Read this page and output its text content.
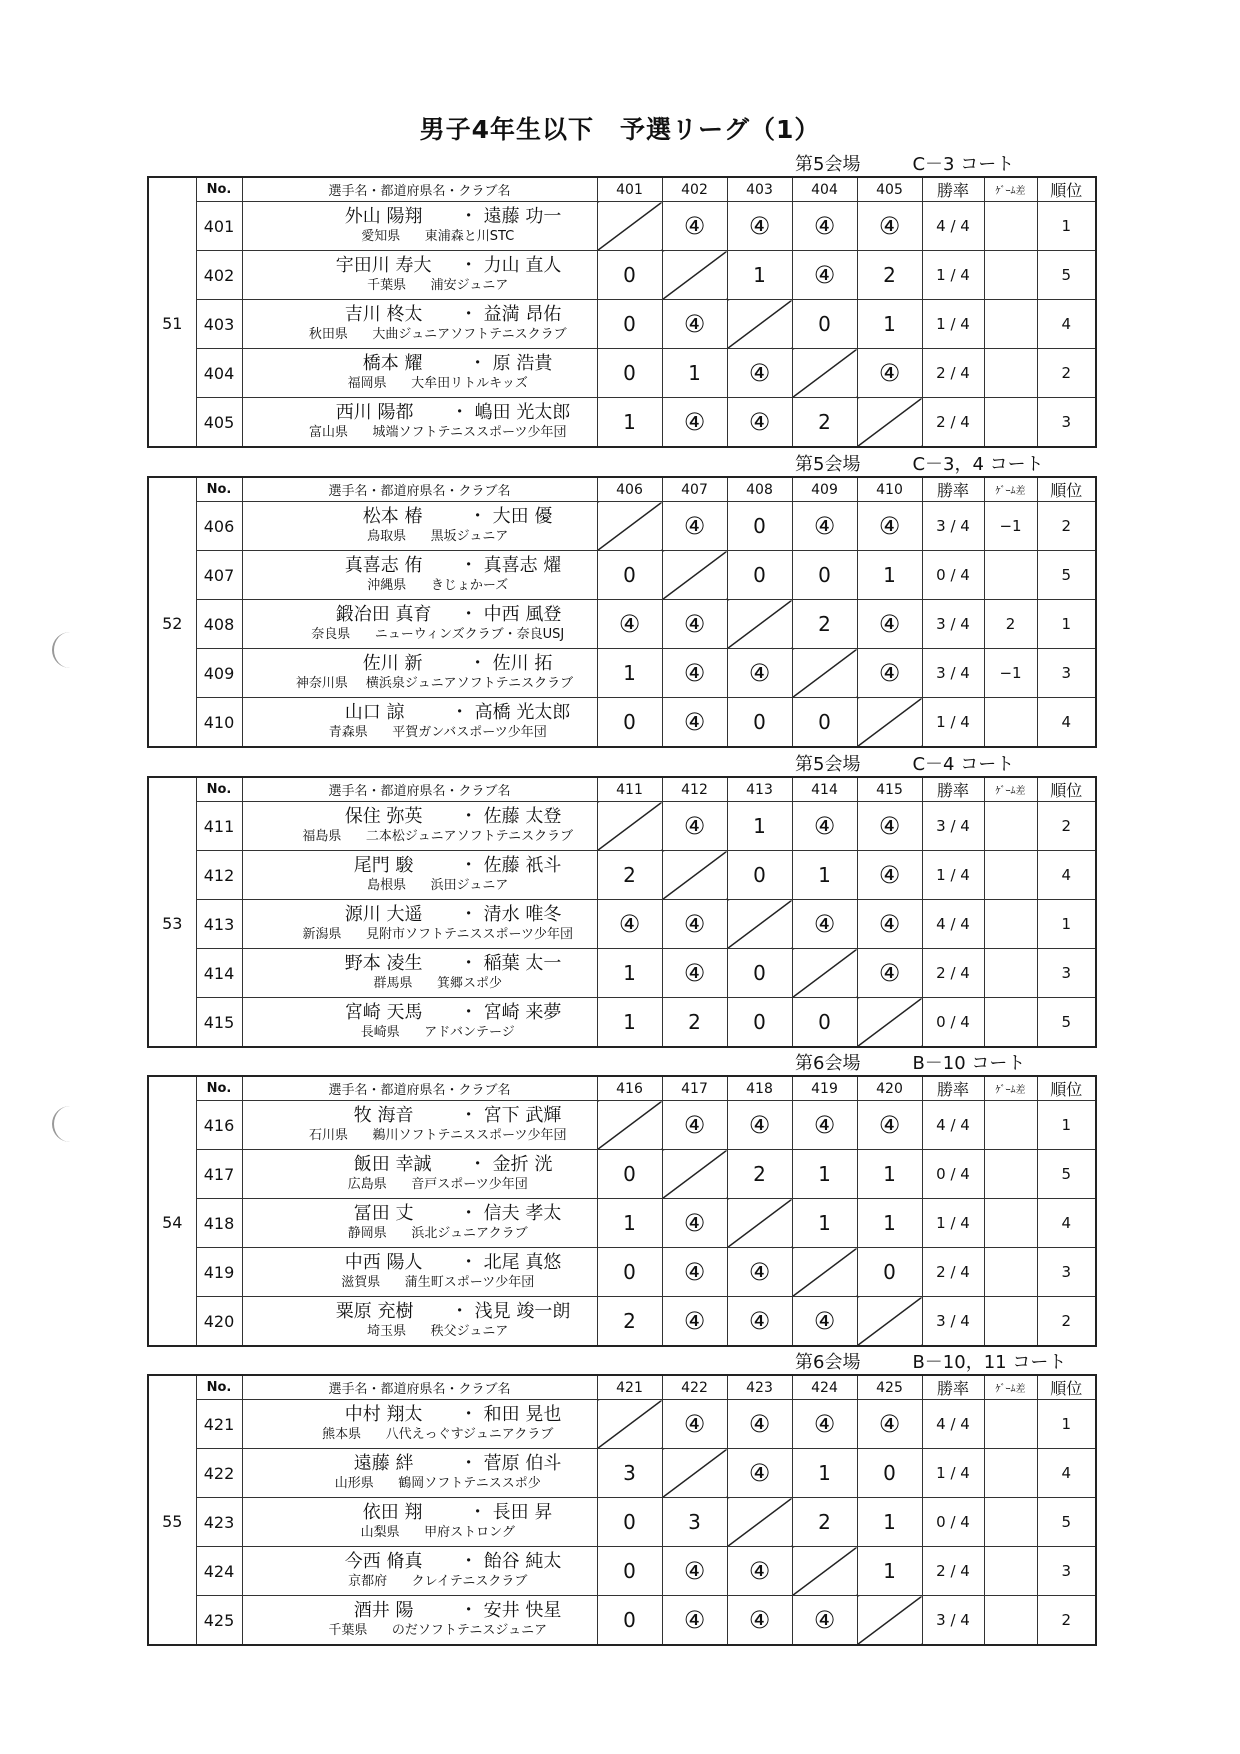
男子4年生以下　予選リーグ（1）
第5会場	C－3 コート
	No.	選手名・都道府県名・クラブ名	401	402	403	404	405	勝率	ｹﾞｰﾑ差	順位
51	401	外山 陽翔 ・ 遠藤 功一
愛知県 東浦森と川STC		④	④	④	④	4 / 4		1
	402	宇田川 寿大 ・ 力山 直人
千葉県 浦安ジュニア	0		1	④	2	1 / 4		5
	403	吉川 柊太 ・ 益満 昂佑
秋田県 大曲ジュニアソフトテニスクラブ	0	④		0	1	1 / 4		4
	404	橋本 耀 ・ 原 浩貴
福岡県 大牟田リトルキッズ	0	1	④		④	2 / 4		2
	405	西川 陽都 ・ 嶋田 光太郎
富山県 城端ソフトテニススポーツ少年団	1	④	④	2		2 / 4		3
第5会場	C－3，4 コート
	No.	選手名・都道府県名・クラブ名	406	407	408	409	410	勝率	ｹﾞｰﾑ差	順位
52	406	松本 椿 ・ 大田 優
鳥取県 黒坂ジュニア		④	0	④	④	3 / 4	−1	2
	407	真喜志 侑 ・ 真喜志 燿
沖縄県 きじょかーズ	0		0	0	1	0 / 4		5
	408	鍛冶田 真育 ・ 中西 風登
奈良県 ニューウィンズクラブ・奈良USJ	④	④		2	④	3 / 4	2	1
	409	佐川 新 ・ 佐川 拓
神奈川県 横浜泉ジュニアソフトテニスクラブ	1	④	④		④	3 / 4	−1	3
	410	山口 諒 ・ 高橋 光太郎
青森県 平賀ガンバスポーツ少年団	0	④	0	0		1 / 4		4
第5会場	C－4 コート
	No.	選手名・都道府県名・クラブ名	411	412	413	414	415	勝率	ｹﾞｰﾑ差	順位
53	411	保住 弥英 ・ 佐藤 太登
福島県 二本松ジュニアソフトテニスクラブ		④	1	④	④	3 / 4		2
	412	尾門 駿 ・ 佐藤 祇斗
島根県 浜田ジュニア	2		0	1	④	1 / 4		4
	413	源川 大遥 ・ 清水 唯冬
新潟県 見附市ソフトテニススポーツ少年団	④	④		④	④	4 / 4		1
	414	野本 凌生 ・ 稲葉 太一
群馬県 箕郷スポ少	1	④	0		④	2 / 4		3
	415	宮崎 天馬 ・ 宮崎 来夢
長崎県 アドバンテージ	1	2	0	0		0 / 4		5
第6会場	B－10 コート
	No.	選手名・都道府県名・クラブ名	416	417	418	419	420	勝率	ｹﾞｰﾑ差	順位
54	416	牧 海音 ・ 宮下 武輝
石川県 鵜川ソフトテニススポーツ少年団		④	④	④	④	4 / 4		1
	417	飯田 幸誠 ・ 金折 洸
広島県 音戸スポーツ少年団	0		2	1	1	0 / 4		5
	418	冨田 丈 ・ 信夫 孝太
静岡県 浜北ジュニアクラブ	1	④		1	1	1 / 4		4
	419	中西 陽人 ・ 北尾 真悠
滋賀県 蒲生町スポーツ少年団	0	④	④		0	2 / 4		3
	420	粟原 充樹 ・ 浅見 竣一朗
埼玉県 秩父ジュニア	2	④	④	④		3 / 4		2
第6会場	B－10，11 コート
	No.	選手名・都道府県名・クラブ名	421	422	423	424	425	勝率	ｹﾞｰﾑ差	順位
55	421	中村 翔太 ・ 和田 晃也
熊本県 八代えっぐすジュニアクラブ		④	④	④	④	4 / 4		1
	422	遠藤 絆 ・ 菅原 伯斗
山形県 鶴岡ソフトテニススポ少	3		④	1	0	1 / 4		4
	423	依田 翔 ・ 長田 昇
山梨県 甲府ストロング	0	3		2	1	0 / 4		5
	424	今西 脩真 ・ 飴谷 純太
京都府 クレイテニスクラブ	0	④	④		1	2 / 4		3
	425	酒井 陽 ・ 安井 快星
千葉県 のだソフトテニスジュニア	0	④	④	④		3 / 4		2
